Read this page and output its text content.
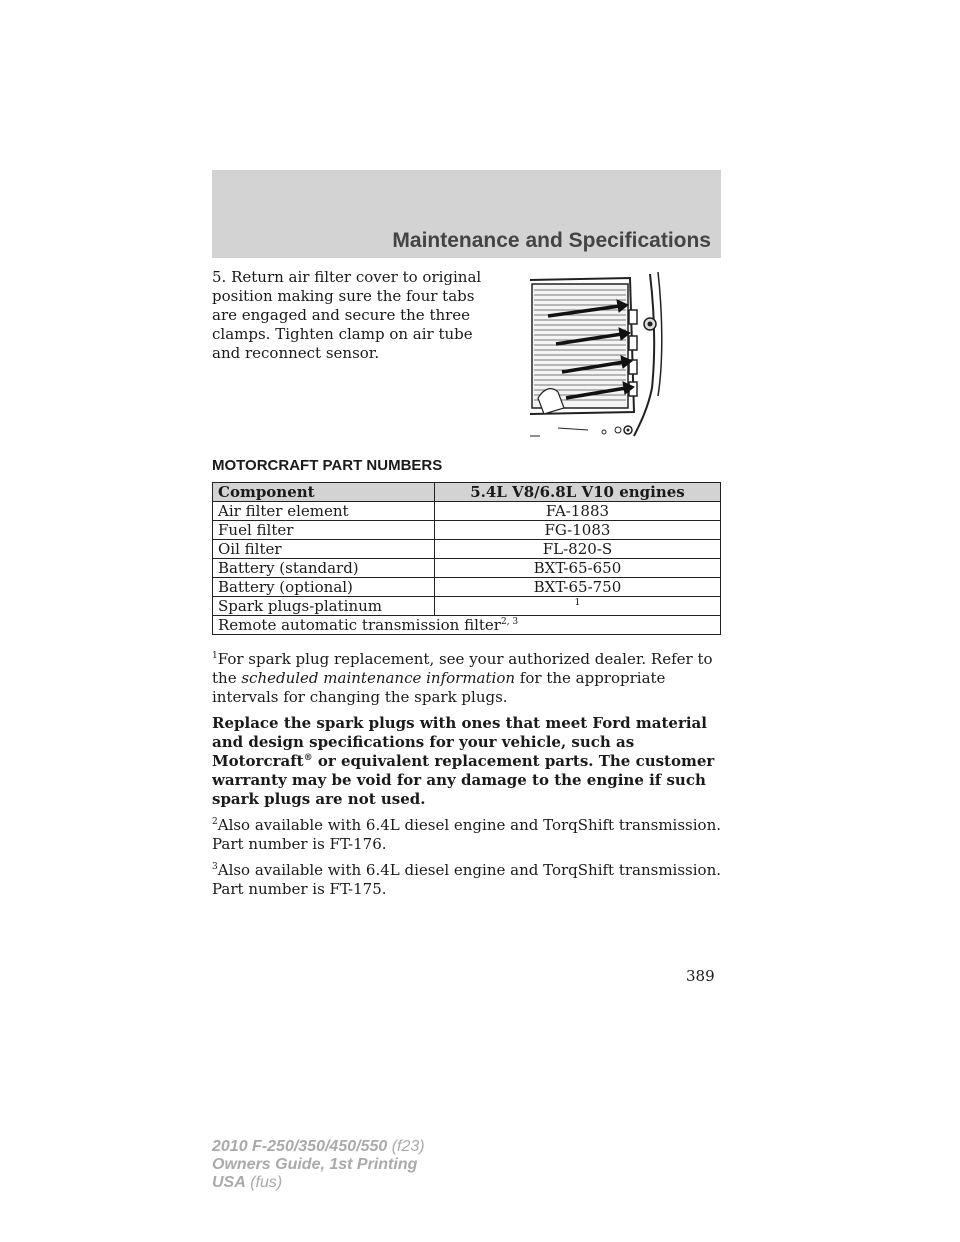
Maintenance and Specifications

5. Return air filter cover to original position making sure the four tabs are engaged and secure the three clamps. Tighten clamp on air tube and reconnect sensor.

MOTORCRAFT PART NUMBERS
Component	5.4L V8/6.8L V10 engines
Air filter element	FA-1883
Fuel filter	FG-1083
Oil filter	FL-820-S
Battery (standard)	BXT-65-650
Battery (optional)	BXT-65-750
Spark plugs-platinum	$^1$
Remote automatic transmission filter$^{2, 3}$

$^1$For spark plug replacement, see your authorized dealer. Refer to the scheduled maintenance information for the appropriate intervals for changing the spark plugs.

Replace the spark plugs with ones that meet Ford material and design specifications for your vehicle, such as Motorcraft® or equivalent replacement parts. The customer warranty may be void for any damage to the engine if such spark plugs are not used.

$^2$Also available with 6.4L diesel engine and TorqShift transmission. Part number is FT-176.

$^3$Also available with 6.4L diesel engine and TorqShift transmission. Part number is FT-175.

389
2010 F-250/350/450/550 (f23)
Owners Guide, 1st Printing
USA (fus)
